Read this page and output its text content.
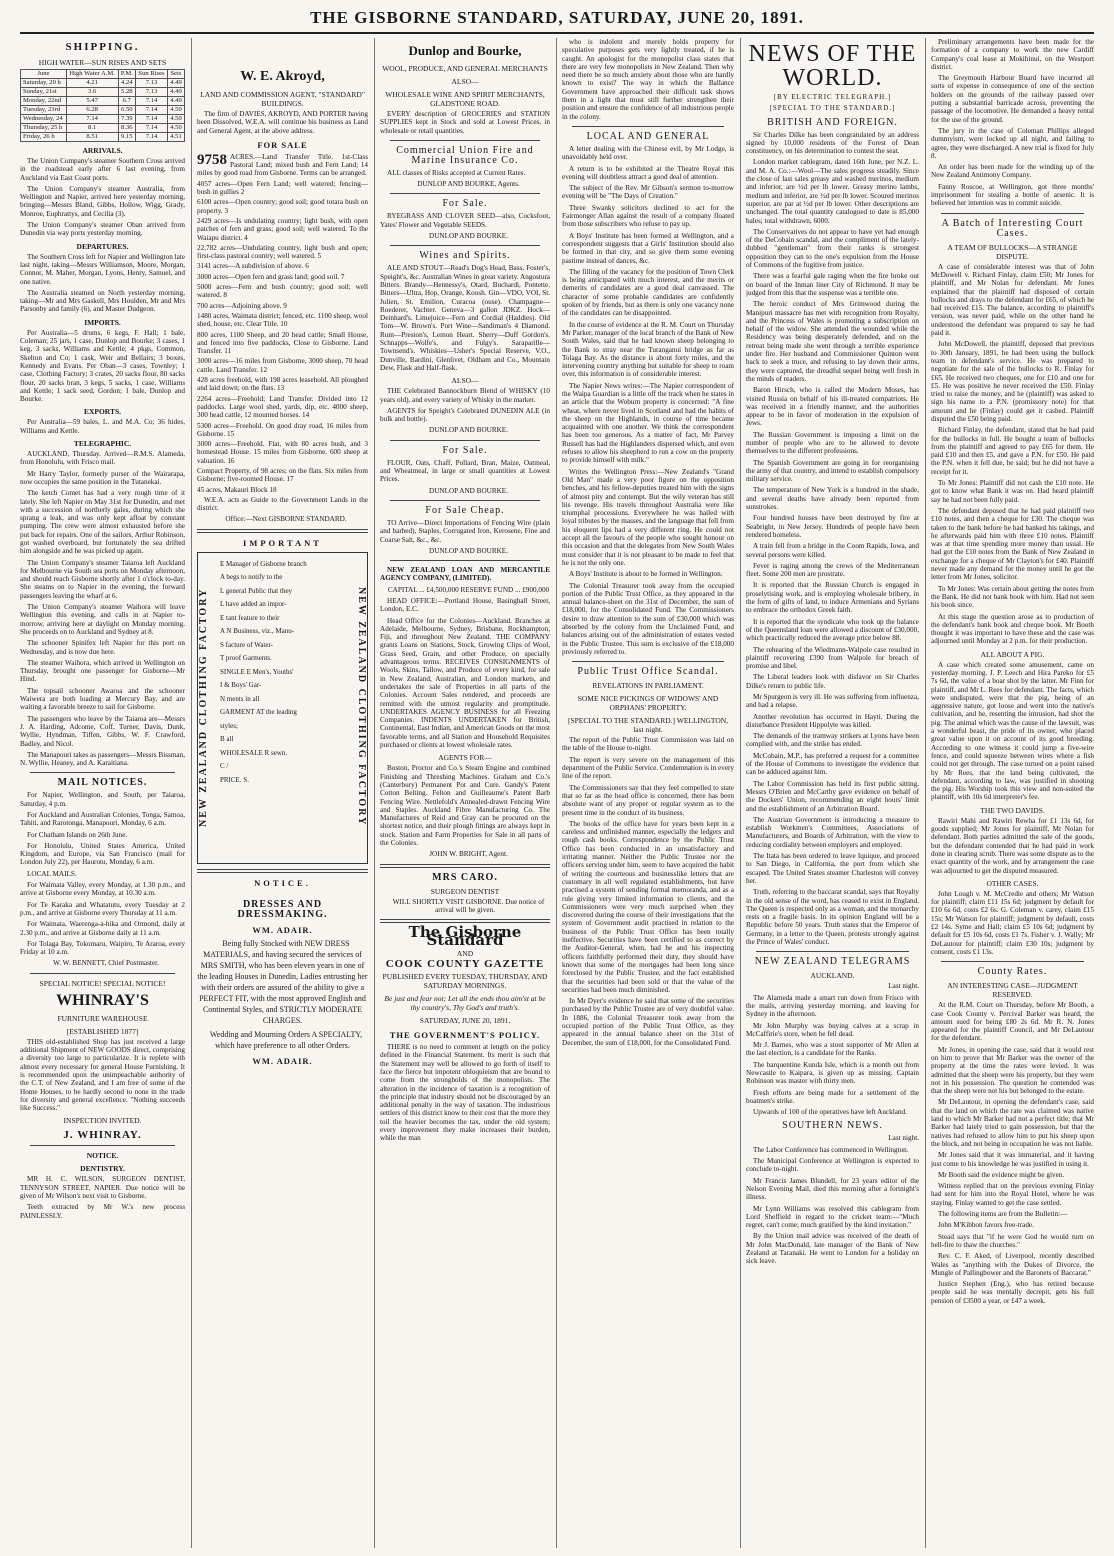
THE GISBORNE STANDARD, SATURDAY, JUNE 20, 1891.
SHIPPING.
HIGH WATER—SUN RISES AND SETS
June	High Water A.M.	P.M.	Sun Rises	Sets
Saturday, 20 h	4.21	4.24	7.13	4.49
Sunday, 21st	3.6	5.28	7.13	4.49
Monday, 22nd	5.47	6.7	7.14	4.49
Tuesday, 23rd	6.28	6.50	7.14	4.50
Wednesday, 24	7.14	7.39	7.14	4.50
Thursday, 25 h	8.1	8.36	7.14	4.50
Friday, 26 h	8.51	9.15	7.14	4.51
ARRIVALS.

The Union Company's steamer Southern Cross arrived in the roadstead early after 6 last evening, from Auckland via East Coast ports.

The Union Company's steamer Australia, from Wellington and Napier, arrived here yesterday morning, bringing—Messrs Bland, Gibbs, Hollow, Wigg, Grady, Monroe, Euphrattys, and Cecilia (3).

The Union Company's steamer Oban arrived from Dunedin via way ports yesterday morning.

DEPARTURES.

The Southern Cross left for Napier and Wellington late last night, taking—Messrs Williamson, Moore, Morgan, Connor, M. Maher, Morgan, Lyons, Henry, Samuel, and one native.

The Australia steamed on North yesterday morning, taking—Mr and Mrs Gaskell, Mrs Houlden, Mr and Mrs Parsonby and family (6), and Master Dudgeon.

IMPORTS.

Per Australia—5 drums, 6 kegs, F. Hall; 1 bale, Coleman; 25 jars, 1 case, Dunlop and Bourke; 3 cases, 1 keg, 3 sacks, Williams and Kettle; 4 pkgs, Common, Skelton and Co; 1 cask, Weir and Bellairs; 3 boxes, Kennedy and Evans. Per Oban—3 cases, Townley; 1 case, Clothing Factory; 3 crates, 20 sacks flour, 80 sacks flour, 20 sacks bran, 3 kegs, 5 sacks, 1 case, Williams and Kettle; 1 sack seed, Gordon; 1 bale, Dunlop and Bourke.

EXPORTS.

Per Australia—59 bales, L. and M.A. Co; 36 hides, Williams and Kettle.

TELEGRAPHIC.

AUCKLAND, Thursday. Arrived—R.M.S. Alameda, from Honolulu, with Frisco mail.

Mr Harry Taylor, formerly purser of the Wairarapa, now occupies the same position in the Tutanekai.

The ketch Comet has had a very rough time of it lately. She left Napier on May 31st for Dunedin, and met with a succession of northerly gales, during which she sprang a leak, and was only kept afloat by constant pumping. The crew were almost exhausted before she put back for repairs. One of the sailors, Arthur Robinson, got washed overboard, but fortunately the sea drifted him alongside and he was picked up again.

The Union Company's steamer Taiaroa left Auckland for Melbourne via South sea ports on Monday afternoon, and should reach Gisborne shortly after 1 o'clock to-day. She steams on to Napier in the evening, the forward passengers leaving the wharf at 6.

The Union Company's steamer Waihora will leave Wellington this evening, and calls in at Napier to-morrow, arriving here at daylight on Monday morning. She proceeds on to Auckland and Sydney at 8.

The schooner Spinifex left Napier for this port on Wednesday, and is now due here.

The steamer Waihora, which arrived in Wellington on Thursday, brought one passenger for Gisborne—Mr Hind.

The topsail schooner Awaroa and the schooner Waiwera are both loading at Mercury Bay, and are waiting a favorable breeze to sail for Gisborne.

The passengers who leave by the Taiaroa are—Messrs J. A. Harding, Adcome, Coff, Turner, Davis, Dunk, Wyllie, Hyndman, Tiffen, Gibbs, W. F. Crawford, Badley, and Nicol.

The Manapouri takes as passengers—Messrs Bissman, N. Wyllie, Heaney, and A. Karaitiana.

MAIL NOTICES.

For Napier, Wellington, and South, per Taiaroa, Saturday, 4 p.m.

For Auckland and Australian Colonies, Tonga, Samoa, Tahiti, and Rarotonga, Manapouri, Monday, 6 a.m.

For Chatham Islands on 26th June.

For Honolulu, United States America, United Kingdom, and Europe, via San Francisco (mail for London July 22), per Haurotu, Monday, 6 a.m.

LOCAL MAILS.

For Waimata Valley, every Monday, at 1.30 p.m., and arrive at Gisborne every Monday, at 10.30 a.m.

For Te Karaka and Whatatutu, every Tuesday at 2 p.m., and arrive at Gisborne every Thursday at 11 a.m.

For Waimata, Waerenga-a-hika and Ormond, daily at 2.30 p.m., and arrive at Gisborne daily at 11 a.m.

For Tolaga Bay, Tokomaru, Waipiro, Te Araroa, every Friday at 10 a.m.

W. W. BENNETT, Chief Postmaster.

SPECIAL NOTICE! SPECIAL NOTICE!
WHINRAY'S
FURNITURE WAREHOUSE
[ESTABLISHED 1877]

THIS old-established Shop has just received a large additional Shipment of NEW GOODS direct, comprising a diversity too large to particularize. It is replete with almost every necessary for general House Furnishing. It is recommended upon the unimpeachable authority of the C.T. of New Zealand, and I am free of some of the Home Houses, to be hardly second to none in the trade for diversity and general excellence. "Nothing succeeds like Success."

INSPECTION INVITED.
J. WHINRAY.
NOTICE.
DENTISTRY.

MR H. C. WILSON, SURGEON DENTIST, TENNYSON STREET, NAPIER. Due notice will be given of Mr Wilson's next visit to Gisborne.

Teeth extracted by Mr W.'s new process PAINLESSLY.

W. E. Akroyd,
LAND AND COMMISSION AGENT, "STANDARD" BUILDINGS.

The firm of DAVIES, AKROYD, AND PORTER having been Dissolved, W.E.A. will continue his business as Land and General Agent, at the above address.

FOR SALE

9758 ACRES.—Land Transfer Title. 1st-Class Pastoral Land; mixed bush and Fern Land; 14 miles by good road from Gisborne. Terms can be arranged.

4057 acres—Open Fern Land; well watered; fencing—bush in gullies 2

6100 acres—Open country; good soil; good totara bush on property. 3

2429 acres—Is undulating country; light bush, with open patches of fern and grass; good soil; well watered. To the Waiapu district. 4

22,782 acres—Undulating country, light bush and open; first-class pastoral country; well watered. 5

3141 acres—A subdivision of above. 6

3000 acres—Open fern and grass land; good soil. 7

5000 acres—Fern and bush country; good soil; well watered. 8

700 acres—Adjoining above. 9

1480 acres, Waimata district; fenced, etc. 1100 sheep, wool shed, house, etc. Clear Title. 10

800 acres, 1100 Sheep, and 20 head cattle; Small House, and fenced into five paddocks, Close to Gisborne. Land Transfer. 11

3000 acres—16 miles from Gisborne, 3000 sheep, 70 head cattle. Land Transfer. 12

428 acres freehold, with 198 acres leasehold. All ploughed and laid down; on the flats. 13

2264 acres—Freehold; Land Transfer. Divided into 12 paddocks. Large wool shed, yards, dip, etc. 4000 sheep, 300 head cattle, 12 mounted horses. 14

5300 acres—Freehold. On good dray road, 16 miles from Gisborne. 15

3000 acres—Freehold. Flat, with 80 acres bush, and 3 homestead House. 15 miles from Gisborne. 600 sheep at valuation. 16

Compact Property, of 98 acres; on the flats. Six miles from Gisborne; five-roomed House. 17

45 acres, Makauri Block 18

W.E.A. acts as Guide to the Government Lands in the district.

Office:—Next GISBORNE STANDARD.

IMPORTANT
NEW ZEALAND CLOTHING FACTORY	NEW ZEALAND CLOTHING FACTORY
E Manager of Gisborne branch
A begs to notify to the
L general Public that they
L have added an impor-
E tant feature to their
A N Business, viz., Manu-
S facture of Water-
T proof Garments.
SINGLE E Men's, Youths'
I & Boys' Gar-
N ments in all
GARMENT AT the leading
styles;
B all
WHOLESALE R sewn.
C /
PRICE. S.
NOTICE.
DRESSES AND DRESSMAKING.
WM. ADAIR.

Being fully Stocked with NEW DRESS MATERIALS, and having secured the services of MRS SMITH, who has been eleven years in one of the leading Houses in Dunedin, Ladies entrusting her with their orders are assured of the ability to give a PERFECT FIT, with the most approved English and Continental Styles, and STRICTLY MODERATE CHARGES.

Wedding and Mourning Orders A SPECIALTY, which have preference to all other Orders.

WM. ADAIR.
Dunlop and Bourke,
WOOL, PRODUCE, AND GENERAL MERCHANTS
ALSO—
WHOLESALE WINE AND SPIRIT MERCHANTS, GLADSTONE ROAD.

EVERY description of GROCERIES and STATION SUPPLIES kept in Stock and sold at Lowest Prices, in wholesale or retail quantities.

Commercial Union Fire and Marine Insurance Co.

ALL classes of Risks accepted at Current Rates.

DUNLOP AND BOURKE, Agents.

For Sale.

RYEGRASS AND CLOVER SEED—also, Cocksfoot, Yates' Flower and Vegetable SEEDS.

DUNLOP AND BOURKE.

Wines and Spirits.

ALE AND STOUT—Read's Dog's Head, Bass, Foster's, Speight's, &c. Australian Wines in great variety. Angostura Bitters. Brandy—Hennessy's, Otard, Buchardi, Pontette. Bitters—Ultra, Hop, Orange, Koosh. Gin—VDO, VOI, St. Julien, St. Emilion, Curacoa (ouse). Champagne—Roederer, Vachter. Geneva—3 gallon JDKZ. Hock—Deinhard's. Limejuice—Fern and Cordial (Haddies). Old Tom—W. Brown's. Port Wine—Sandiman's 4 Diamond. Rum—Preston's, Lemon Heart. Sherry—Duff Gordon's. Schnapps—Wolfe's, and Fulgy's. Saraparille—Townsend's. Whiskies—Usher's Special Reserve, V.O., Dunville, Bardini, Glenlivet, Oldham and Co., Mountain Dew, Flask and Half-flask.

ALSO—

THE Celebrated Bannockburn Blend of WHISKY (10 years old), and every variety of Whisky in the market.

AGENTS for Speight's Celebrated DUNEDIN ALE (in bulk and bottle).

DUNLOP AND BOURKE.

For Sale.

FLOUR, Oats, Chaff, Pollard, Bran, Maize, Oatmeal, and Wheatmeal, in large or small quantities at Lowest Prices.

DUNLOP AND BOURKE.

For Sale Cheap.

TO Arrive—Direct Importations of Fencing Wire (plain and barbed), Staples, Corrugated Iron, Kerosene, Fine and Coarse Salt, &c., &c.

DUNLOP AND BOURKE.

NEW ZEALAND LOAN AND MERCANTILE AGENCY COMPANY, (LIMITED).

CAPITAL ... £4,500,000 RESERVE FUND ... £900,000

HEAD OFFICE:—Portland House, Basinghall Street, London, E.C.

Head Office for the Colonies—Auckland. Branches at Adelaide, Melbourne, Sydney, Brisbane, Rockhampton, Fiji, and throughout New Zealand. THE COMPANY grants Loans on Stations, Stock, Growing Clips of Wool, Grass Seed, Grain, and other Produce, on specially advantageous terms. RECEIVES CONSIGNMENTS of Wools, Skins, Tallow, and Produce of every kind, for sale in New Zealand, Australian, and London markets, and undertakes the sale of Properties in all parts of the Colonies. Account Sales rendered, and proceeds are remitted with the utmost regularity and promptitude. UNDERTAKES AGENCY BUSINESS for all Freezing Companies. INDENTS UNDERTAKEN for British, Continental, East Indian, and American Goods on the most favorable terms, and all Station and Household Requisites purchased or clients at lowest wholesale rates.

AGENTS FOR—

Boston, Proctor and Co.'s Steam Engine and combined Finishing and Threshing Machines. Graham and Co.'s (Canterbury) Permanent Pot and Cure. Gandy's Patent Cotton Belting. Felton and Guilleaume's Patent Barb Fencing Wire. Nettlefold's Annealed-drawn Fencing Wire and Staples. Auckland Fibre Manufacturing Co. The Manufactures of Reid and Gray can be procured on the shortest notice, and their plough fittings are always kept in stock. Station and Farm Properties for Sale in all parts of the Colonies.

JOHN W. BRIGHT, Agent.

MRS CARO.
SURGEON DENTIST

WILL SHORTLY VISIT GISBORNE. Due notice of arrival will be given.

The Gisborne Standard
AND
COOK COUNTY GAZETTE
PUBLISHED EVERY TUESDAY, THURSDAY, AND SATURDAY MORNINGS.
Be just and fear not; Let all the ends thou aim'st at be thy country's, Thy God's and truth's.
SATURDAY, JUNE 20, 1891.
THE GOVERNMENT'S POLICY.

THERE is no need to comment at length on the policy defined in the Financial Statement. Its merit is such that the Statement may well be allowed to go forth of itself to face the fierce but impotent obloquieism that are bound to come from the strongholds of the monopolists. The alteration in the incidence of taxation is a recognition of the principle that industry should not be discouraged by an additional penalty in the way of taxation. The industrious settlers of this district know to their cost that the more they toil the heavier becomes the tax, under the old system; every improvement they make increases their burden, while the man

who is indolent and merely holds property for speculative purposes gets very lightly treated, if he is caught. An apologist for the monopolist class states that there are very few monopolists in New Zealand. Then why need there be so much anxiety about those who are hardly known to exist? The way in which the Ballance Government have approached their difficult task shows them in a light that must still further strengthen their position and ensure the confidence of all industrious people in the colony.

LOCAL AND GENERAL

A letter dealing with the Chinese evil, by Mr Lodge, is unavoidably held over.

A return is to be exhibited at the Theatre Royal this evening will doubtless attract a good deal of attention.

The subject of the Rev. Mr Gibson's sermon to-morrow evening will be "The Days of Creation."

Three Swanky solicitors declined to act for the Fairmonger Allan against the result of a company floated from those subscribers who refuse to pay up.

A Boys' Institute has been formed at Wellington, and a correspondent suggests that a Girls' Institution should also be formed in that city, and so give them some evening pastime instead of dances, &c.

The filling of the vacancy for the position of Town Clerk is being anticipated with much interest, and the merits or demerits of candidates are a good deal canvassed. The character of some probable candidates are confidently spoken of by friends, but as there is only one vacancy none of the candidates can be disappointed.

In the course of evidence at the R. M. Court on Thursday Mr Parker, manager of the local branch of the Bank of New South Wales, said that he had known sheep belonging to the Bank to stray near the Turanganui bridge as far as Tolaga Bay. As the distance is about forty miles, and the intervening country anything but suitable for sheep to roam over, this information is of considerable interest.

The Napier News writes:—The Napier correspondent of the Waipa Guardian is a little off the track when he states in an article that the Woburn property is concerned: "A fine wheat, where never lived in Scotland and had the habits of the sheep on the Highlands, in course of time became acquainted with one another. We think the correspondent has been too generous. As a matter of fact, Mr Parvey Russell has had the Highlanders dispersed which, and even refuses to allow his sheepherd to run a cow on the property to provide himself with milk."

Writes the Wellington Press:—New Zealand's "Grand Old Man" made a very poor figure on the opposition benches, and his fellow-deputies treated him with the signs of almost pity and contempt. But the wily veteran has still his revenge. His travels throughout Australia were like triumphal processions. Everywhere he was hailed with loyal tributes by the masses, and the language that fell from his eloquent lips had a very different ring. He could not accept all the favours of the people who sought honour on this occasion and that the delegates from New South Wales must consider that it is not pleasant to be made to feel that he is not the only one.

A Boys' Institute is about to be formed in Wellington.

The Colonial Treasurer took away from the occupied portion of the Public Trust Office, as they appeared in the annual balance-sheet on the 31st of December, the sum of £18,000, for the Consolidated Fund. The Commissioners desire to draw attention to the sum of £30,000 which was absorbed by the colony from the Unclaimed Fund, and balances arising out of the administration of estates vested in the Public Trustee. This sum is exclusive of the £18,000 previously referred to.

Public Trust Office Scandal.
REVELATIONS IN PARLIAMENT.
SOME NICE PICKINGS OF WIDOWS' AND ORPHANS' PROPERTY.
[SPECIAL TO THE STANDARD.] WELLINGTON, last night.

The report of the Public Trust Commission was laid on the table of the House to-night.

The report is very severe on the management of this department of the Public Service. Condemnation is in every line of the report.

The Commissioners say that they feel compelled to state that so far as the head office is concerned, there has been absolute want of any proper or regular system as to the present time in the conduct of its business.

The books of the office have for years been kept in a careless and unfinished manner, especially the ledgers and rough cash books. Correspondence by the Public Trust Office has been conducted in an unsatisfactory and irritating manner. Neither the Public Trustee nor the officers serving under him, seem to have acquired the habit of writing the courteous and businesslike letters that are customary in all well regulated establishments, but have practised a system of sending formal memoranda, and as a rule giving very limited information to clients, and the Commissioners were very much surprised when they discovered during the course of their investigations that the system of Government audit practised in relation to the business of the Public Trust Office has been totally ineffective. Securities have been certified to as correct by the Auditor-General, when, had he and his inspecting officers faithfully performed their duty, they should have known that some of the mortgages had been long since foreclosed by the Public Trustee, and the fact established that the securities had been sold or that the value of the securities had been much diminished.

In Mr Dyer's evidence he said that some of the securities purchased by the Public Trustee are of very doubtful value. In 1886, the Colonial Treasurer took away from the occupied portion of the Public Trust Office, as they appeared in the annual balance sheet on the 31st of December, the sum of £18,000, for the Consolidated Fund.

NEWS OF THE WORLD.
[BY ELECTRIC TELEGRAPH.]
[SPECIAL TO THE STANDARD.]
BRITISH AND FOREIGN.

Sir Charles Dilke has been congratulated by an address signed by 10,000 residents of the Forest of Dean constituency, on his determination to contest the seat.

London market cablegram, dated 16th June, per N.Z. L. and M. A. Co.:—Wool—The sales progress steadily. Since the close of last sales greasy and washed merinos, medium and inferior, are ½d per lb lower. Greasy merino lambs, medium and inferior, are ½d per lb lower. Scoured merinos superior, are par at ½d per lb lower. Other descriptions are unchanged. The total quantity catalogued to date is 85,000 bales; total withdrawn, 6000.

The Conservatives do not appear to have yet had enough of the DeCobain scandal, and the compliment of the lately-dubbed "gentleman" from their ranks is strongest opposition they can to the one's expulsion from the House of Commons of the fugitive from justice.

There was a fearful gale raging when the fire broke out on board of the Inman liner City of Richmond. It may be judged from this that the suspense was a terrible one.

The heroic conduct of Mrs Grimwood during the Manipuri massacre has met with recognition from Royalty, and the Princess of Wales is promoting a subscription on behalf of the widow. She attended the wounded while the Residency was being desperately defended, and on the retreat being made she went through a terrible experience under fire. Her husband and Commissioner Quinton went back to seek a truce, and refusing to lay down their arms, they were captured, the dreadful sequel being well fresh in the minds of readers.

Baron Hirsch, who is called the Modern Moses, has visited Russia on behalf of his ill-treated compatriots. He was received in a friendly manner, and the authorities appear to be in favor of moderation in the expulsion of Jews.

The Russian Government is imposing a limit on the number of people who are to be allowed to devote themselves to the different professions.

The Spanish Government are going in for reorganising the army of that country, and intend to establish compulsory military service.

The temperature of New York is a hundred in the shade, and several deaths have already been reported from sunstrokes.

Four hundred houses have been destroyed by fire at Seabright, in New Jersey. Hundreds of people have been rendered homeless.

A train fell from a bridge in the Coom Rapids, Iowa, and several persons were killed.

Fever is raging among the crews of the Mediterranean fleet. Some 200 men are prostrate.

It is reported that the Russian Church is engaged in proselytising work, and is employing wholesale bribery, in the form of gifts of land, to induce Armenians and Syrians to embrace the orthodox Greek faith.

It is reported that the syndicate who took up the balance of the Queensland loan were allowed a discount of £30,000, which practically reduced the average price below 88.

The rehearing of the Wiedmann-Walpole case resulted in plaintiff recovering £390 from Walpole for breach of promise and libel.

The Liberal leaders look with disfavor on Sir Charles Dilke's return to public life.

Mr Spurgeon is very ill. He was suffering from influenza, and had a relapse.

Another revolution has occurred in Hayti. During the disturbance President Hippolyte was killed.

The demands of the tramway strikers at Lyons have been complied with, and the strike has ended.

McCobain, M.P., has preferred a request for a committee of the House of Commons to investigate the evidence that can be adduced against him.

The Labor Commission has held its first public sitting. Messrs O'Brien and McCarthy gave evidence on behalf of the Dockers' Union, recommending an eight hours' limit and the establishment of an Arbitration Board.

The Austrian Government is introducing a measure to establish Workmen's Committees, Associations of Manufacturers, and Boards of Arbitration, with the view to reducing cordiality between employers and employed.

The Itata has been ordered to leave Iquique, and proceed to San Diego, in California, the port from which she escaped. The United States steamer Charleston will convey her.

Truth, referring to the baccarat scandal, says that Royalty in the old sense of the word, has ceased to exist in England. The Queen is respected only as a woman, and the monarchy rests on a fragile basis. In its opinion England will be a Republic before 50 years. Truth states that the Emperor of Germany, in a letter to the Queen, protests strongly against the Prince of Wales' conduct.

NEW ZEALAND TELEGRAMS
AUCKLAND.

Last night.

The Alameda made a smart run down from Frisco with the mails, arriving yesterday morning, and leaving for Sydney in the afternoon.

Mr John Murphy was buying calves at a scrap in McCaffirie's store, when he fell dead.

Mr J. Barnes, who was a stout supporter of Mr Allen at the last election, is a candidate for the Ranks.

The barquentine Kunda Isle, which is a month out from Newcastle to Kaipara, is given up as missing. Captain Robinson was master with thirty men.

Fresh efforts are being made for a settlement of the boatmen's strike.

Upwards of 100 of the operatives have left Auckland.

SOUTHERN NEWS.

Last night.

The Labor Conference has commenced in Wellington.

The Municipal Conference at Wellington is expected to conclude to-night.

Mr Francis James Blundell, for 23 years editor of the Nelson Evening Mail, died this morning after a fortnight's illness.

Mr Lynn Williams was resolved this cablegram from Lord Sheffield in regard to the cricket team:—"Much regret, can't come; much gratified by the kind invitation."

By the Union mail advice was received of the death of Mr John MacDonald, late manager of the Bank of New Zealand at Taranaki. He went to London for a holiday on sick leave.

Preliminary arrangements have been made for the formation of a company to work the new Cardiff Company's coal lease at Mokihinui, on the Westport district.

The Greymouth Harbour Board have incurred all sorts of expense in consequence of one of the section holders on the grounds of the railway passed over putting a substantial barricade across, preventing the passage of the locomotive. He demanded a heavy rental for the use of the ground.

The jury in the case of Coleman Phillips alleged dummyism, were locked up all night, and failing to agree, they were discharged. A new trial is fixed for July 8.

An order has been made for the winding up of the New Zealand Antimony Company.

Fanny Roscoe, at Wellington, got three months' imprisonment for stealing a bottle of arsenic. It is believed her intention was to commit suicide.

A Batch of Interesting Court Cases.
A TEAM OF BULLOCKS—A STRANGE DISPUTE.

A case of considerable interest was that of John McDowell v. Richard Finlay, claim £50; Mr Jones for plaintiff, and Mr Nolan for defendant. Mr Jones explained that the plaintiff had disposed of certain bullocks and drays to the defendant for £65, of which he had received £15. The balance, according to plaintiff's version, was never paid, while on the other hand he understood the defendant was prepared to say he had paid it.

John McDowell, the plaintiff, deposed that previous to 30th January, 1891, he had been using the bullock team in defendant's service. He was prepared to negotiate for the sale of the bullocks to R. Finlay for £65. He received two cheques, one for £10 and one for £5. He was positive he never received the £50. Finlay tried to raise the money, and he (plaintiff) was asked to sign his name to a P.N. (promissory note) for that amount and he (Finlay) could get it cashed. Plaintiff disputed the £50 being paid.

Richard Finlay, the defendant, stated that he had paid for the bullocks in full. He bought a team of bullocks from the plaintiff and agreed to pay £65 for them. He paid £10 and then £5, and gave a P.N. for £50. He paid the P.N. when it fell due, he said; but he did not have a receipt for it.

To Mr Jones: Plaintiff did not cash the £10 note. He got to know what Bank it was on. Had heard plaintiff say he had not been fully paid.

The defendant deposed that he had paid plaintiff two £10 notes, and then a cheque for £30. The cheque was taken to the bank before he had banked his takings, and he afterwards paid him with three £10 notes. Plaintiff was at that time spending more money than usual. He had got the £10 notes from the Bank of New Zealand in exchange for a cheque of Mr Clayton's for £40. Plaintiff never made any demand for the money until he got the letter from Mr Jones, solicitor.

To Mr Jones: Was certain about getting the notes from the Bank. He did not bank book with him. Had not seen his book since.

At this stage the question arose as to production of the defendant's bank book and cheque book. Mr Booth thought it was important to have these and the case was adjourned until Monday at 2 p.m. for their production.

ALL ABOUT A PIG.

A case which created some amusement, came on yesterday morning. J. P. Leech and Hira Pareko for £5 7s 6d, the value of a boar shot by the latter. Mr Finn for plaintiff, and Mr L. Rees for defendant. The facts, which were undisputed, were that the pig, being of an aggressive nature, got loose and went into the native's cultivation, and he, resenting the intrusion, had shot the pig. The animal which was the cause of the lawsuit, was a wonderful beast, the pride of its owner, who placed great value upon it on account of its good breeding. According to one witness it could jump a five-wire fence, and could squeeze between wires where a fish could not get through. The case turned on a point raised by Mr Rees, that the land being cultivated, the defendant, according to law, was justified in shooting the pig. His Worship took this view and non-suited the plaintiff, with 10s 6d interpreter's fee.

THE TWO DAVIDS.

Rawiri Mahi and Rawiri Rewha for £1 13s 6d, for goods supplied; Mr Jones for plaintiff, Mr Nolan for defendant. Both parties admitted the sale of the goods, but the defendant contended that he had paid in work done in clearing scrub. There was some dispute as to the exact quantity of the work, and by arrangement the case was adjourned to get the disputed measured.

OTHER CASES.

John Lough v. M. McCredie and others; Mr Watson for plaintiff; claim £11 15s 6d; judgment by default for £10 6s 6d, costs £2 6s. G. Coleman v. carey, claim £15 15s; Mr Watson for plaintiff; judgment by default, costs £2 14s. Syme and Hall; claim £5 10s 6d; judgment by default for £5 10s 6d, costs £1 7s. Fisher v. J. Wally; Mr DeLautour for plaintiff; claim £30 10s; judgment by consent, costs £1 13s.

County Rates.
AN INTERESTING CASE—JUDGMENT RESERVED.

At the R.M. Court on Thursday, before Mr Booth, a case Cook County v. Percival Barker was heard, the amount sued for being £80 2s 6d. Mr R. N. Jones appeared for the plaintiff Council, and Mr DeLautour for the defendant.

Mr Jones, in opening the case, said that it would rest on him to prove that Mr Barker was the owner of the property at the time the rates were levied. It was admitted that the sheep were his property, but they were not in his possession. The question he contended was that the sheep were not his but belonged to the estate.

Mr DeLautour, in opening the defendant's case, said that the land on which the rate was claimed was native land to which Mr Barker had not a perfect title; that Mr Barker had lately tried to gain possession, but that the natives had refused to allow him to put his sheep upon the block, and not being in occupation he was not liable.

Mr Jones said that it was immaterial, and it having just come to his knowledge he was justified in using it.

Mr Booth said the evidence might be given.

Witness replied that on the previous evening Finlay had sent for him into the Royal Hotel, where he was staying. Finlay wanted to get the case settled.

The following items are from the Bulletin:—

John M'Kibbon favors free-trade.

Stead says that "if he were God he would turn on hell-fire to thaw the churches."

Rev. C. F. Aked, of Liverpool, recently described Wales as "anything with the Dukes of Divorce, the Mungle of Pallingbower and the Baronets of Baccarat."

Justice Stephen (Eng.), who has retired because people said he was mentally decrepit, gets his full pension of £3500 a year, or £47 a week.
